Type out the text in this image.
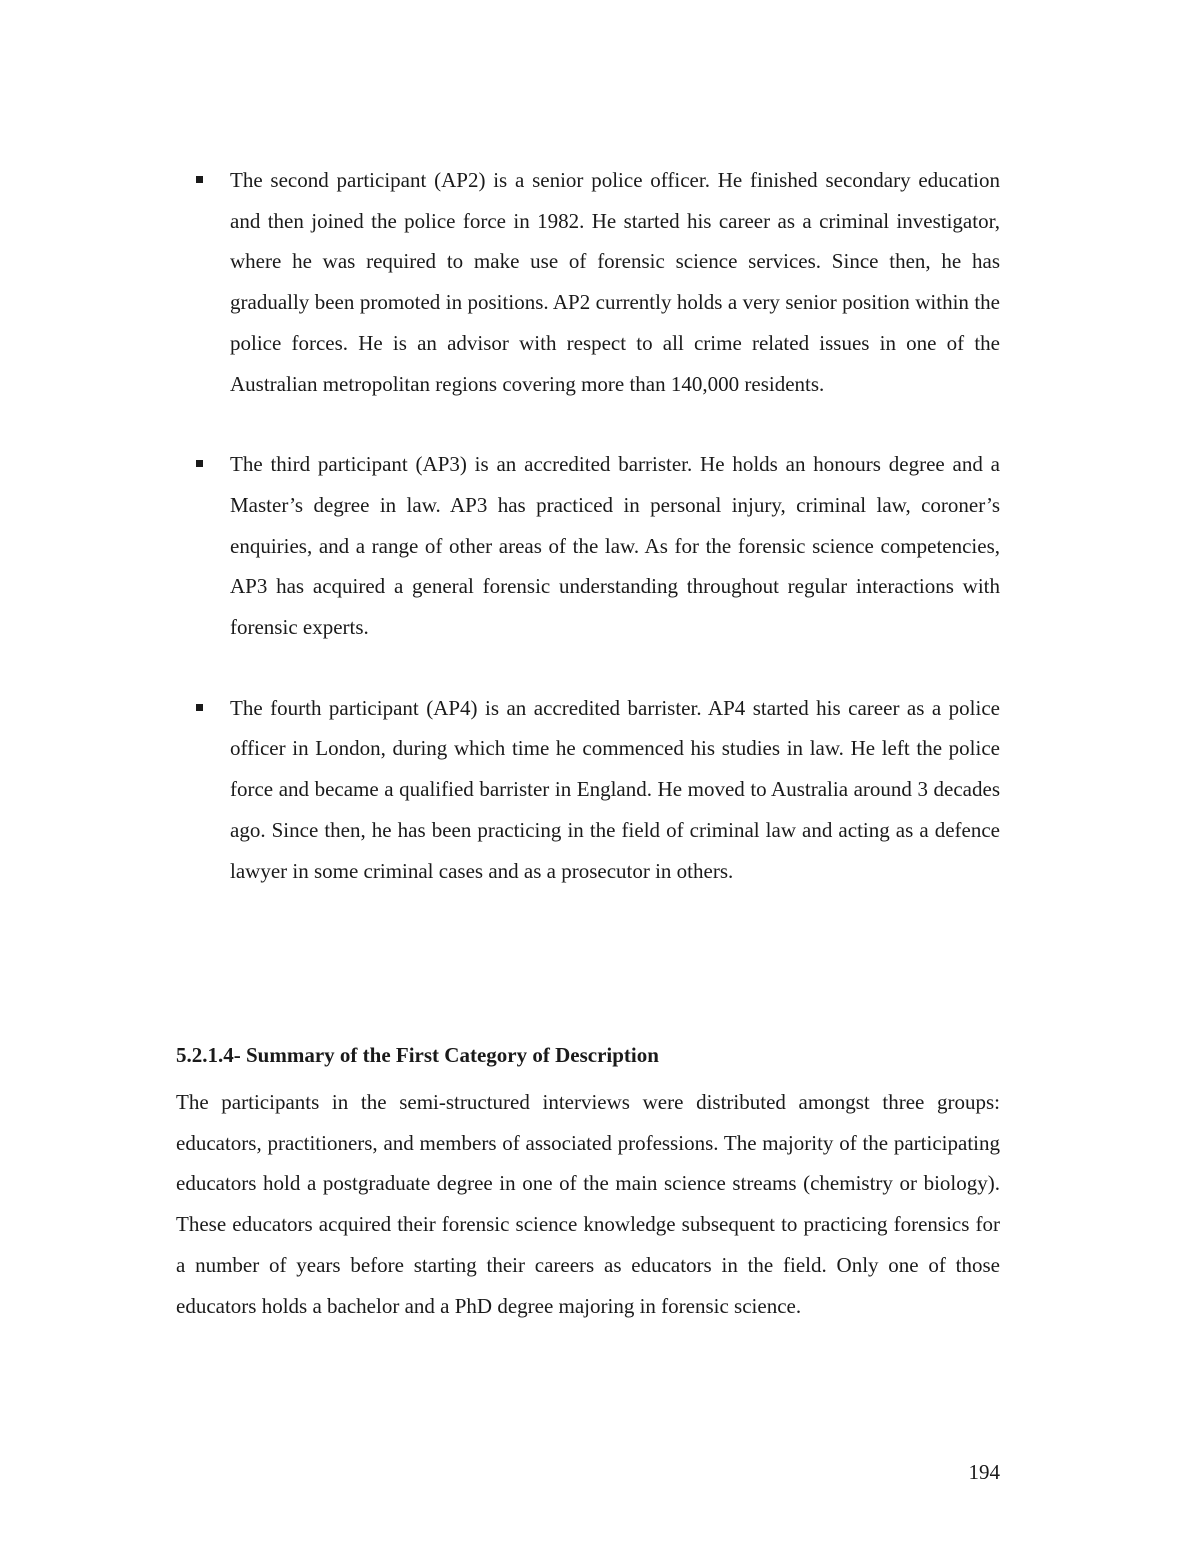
The second participant (AP2) is a senior police officer. He finished secondary education and then joined the police force in 1982. He started his career as a criminal investigator, where he was required to make use of forensic science services. Since then, he has gradually been promoted in positions. AP2 currently holds a very senior position within the police forces. He is an advisor with respect to all crime related issues in one of the Australian metropolitan regions covering more than 140,000 residents.
The third participant (AP3) is an accredited barrister. He holds an honours degree and a Master’s degree in law. AP3 has practiced in personal injury, criminal law, coroner’s enquiries, and a range of other areas of the law. As for the forensic science competencies, AP3 has acquired a general forensic understanding throughout regular interactions with forensic experts.
The fourth participant (AP4) is an accredited barrister. AP4 started his career as a police officer in London, during which time he commenced his studies in law. He left the police force and became a qualified barrister in England. He moved to Australia around 3 decades ago. Since then, he has been practicing in the field of criminal law and acting as a defence lawyer in some criminal cases and as a prosecutor in others.
5.2.1.4- Summary of the First Category of Description

The participants in the semi-structured interviews were distributed amongst three groups: educators, practitioners, and members of associated professions. The majority of the participating educators hold a postgraduate degree in one of the main science streams (chemistry or biology). These educators acquired their forensic science knowledge subsequent to practicing forensics for a number of years before starting their careers as educators in the field. Only one of those educators holds a bachelor and a PhD degree majoring in forensic science.

194
